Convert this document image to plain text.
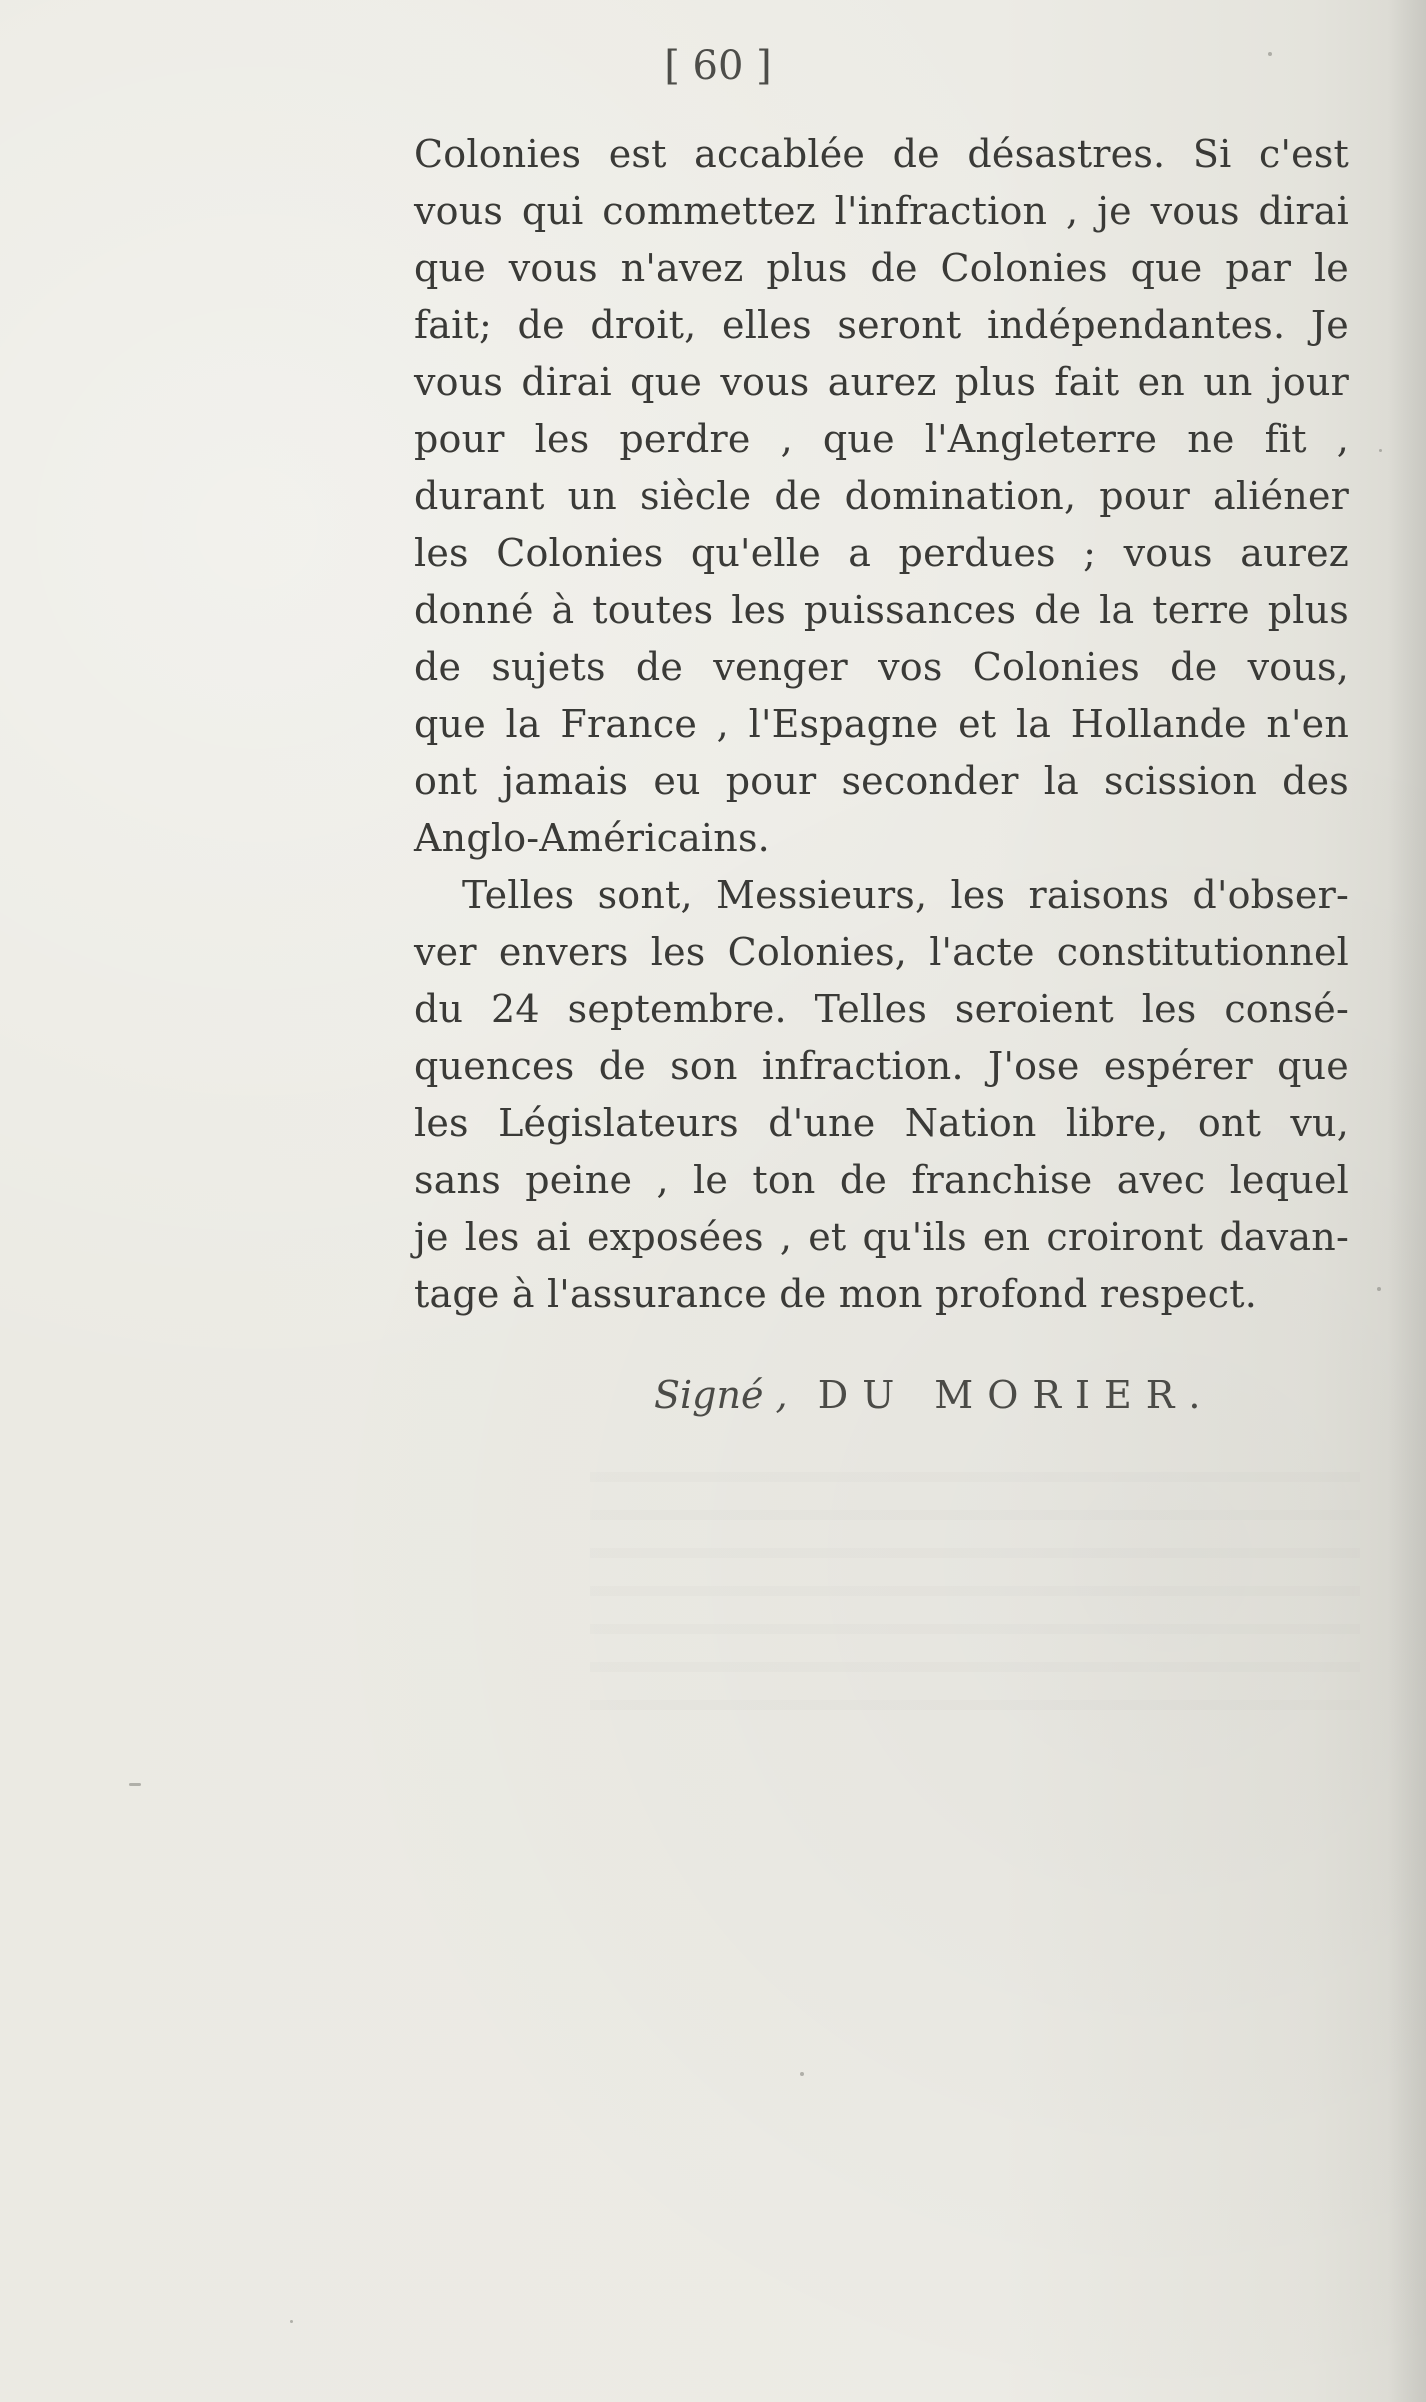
[ 60 ]
Colonies est accablée de désastres. Si c'est
vous qui commettez l'infraction , je vous dirai
que vous n'avez plus de Colonies que par le
fait; de droit, elles seront indépendantes. Je
vous dirai que vous aurez plus fait en un jour
pour les perdre , que l'Angleterre ne fit ,
durant un siècle de domination, pour aliéner
les Colonies qu'elle a perdues ; vous aurez
donné à toutes les puissances de la terre plus
de sujets de venger vos Colonies de vous,
que la France , l'Espagne et la Hollande n'en
ont jamais eu pour seconder la scission des
Anglo-Américains.
Telles sont, Messieurs, les raisons d'obser-
ver envers les Colonies, l'acte constitutionnel
du 24 septembre. Telles seroient les consé-
quences de son infraction. J'ose espérer que
les Législateurs d'une Nation libre, ont vu,
sans peine , le ton de franchise avec lequel
je les ai exposées , et qu'ils en croiront davan-
tage à l'assurance de mon profond respect.
Signé , DU MORIER.
